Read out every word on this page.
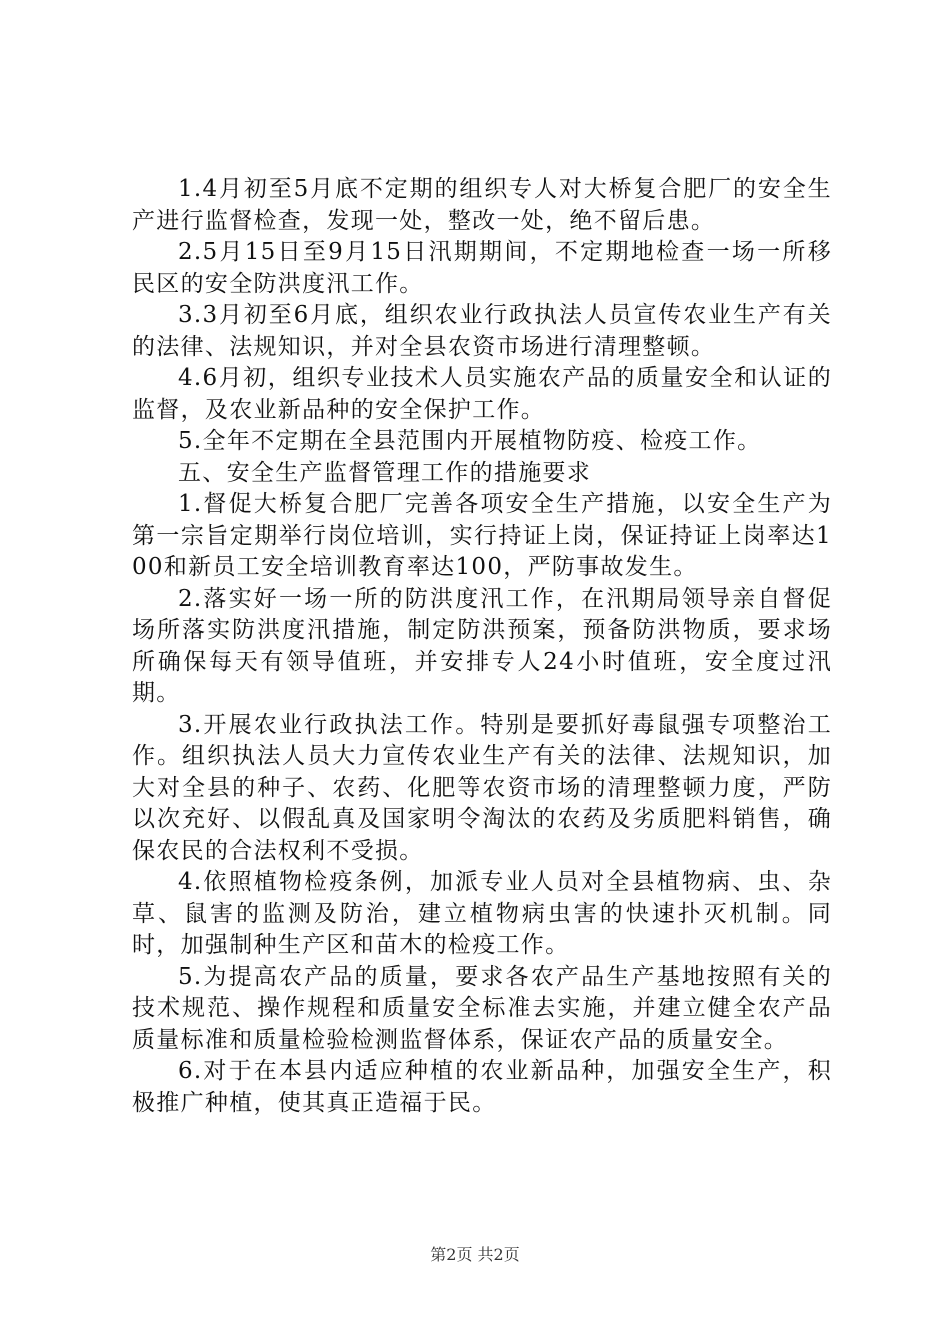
1.4月初至5月底不定期的组织专人对大桥复合肥厂的安全生产进行监督检查，发现一处，整改一处，绝不留后患。

2.5月15日至9月15日汛期期间，不定期地检查一场一所移民区的安全防洪度汛工作。

3.3月初至6月底，组织农业行政执法人员宣传农业生产有关的法律、法规知识，并对全县农资市场进行清理整顿。

4.6月初，组织专业技术人员实施农产品的质量安全和认证的监督，及农业新品种的安全保护工作。

5.全年不定期在全县范围内开展植物防疫、检疫工作。

五、安全生产监督管理工作的措施要求

1.督促大桥复合肥厂完善各项安全生产措施，以安全生产为第一宗旨定期举行岗位培训，实行持证上岗，保证持证上岗率达100和新员工安全培训教育率达100，严防事故发生。

2.落实好一场一所的防洪度汛工作，在汛期局领导亲自督促场所落实防洪度汛措施，制定防洪预案，预备防洪物质，要求场所确保每天有领导值班，并安排专人24小时值班，安全度过汛期。

3.开展农业行政执法工作。特别是要抓好毒鼠强专项整治工作。组织执法人员大力宣传农业生产有关的法律、法规知识，加大对全县的种子、农药、化肥等农资市场的清理整顿力度，严防以次充好、以假乱真及国家明令淘汰的农药及劣质肥料销售，确保农民的合法权利不受损。

4.依照植物检疫条例，加派专业人员对全县植物病、虫、杂草、鼠害的监测及防治，建立植物病虫害的快速扑灭机制。同时，加强制种生产区和苗木的检疫工作。

5.为提高农产品的质量，要求各农产品生产基地按照有关的技术规范、操作规程和质量安全标准去实施，并建立健全农产品质量标准和质量检验检测监督体系，保证农产品的质量安全。

6.对于在本县内适应种植的农业新品种，加强安全生产，积极推广种植，使其真正造福于民。

第2页 共2页
